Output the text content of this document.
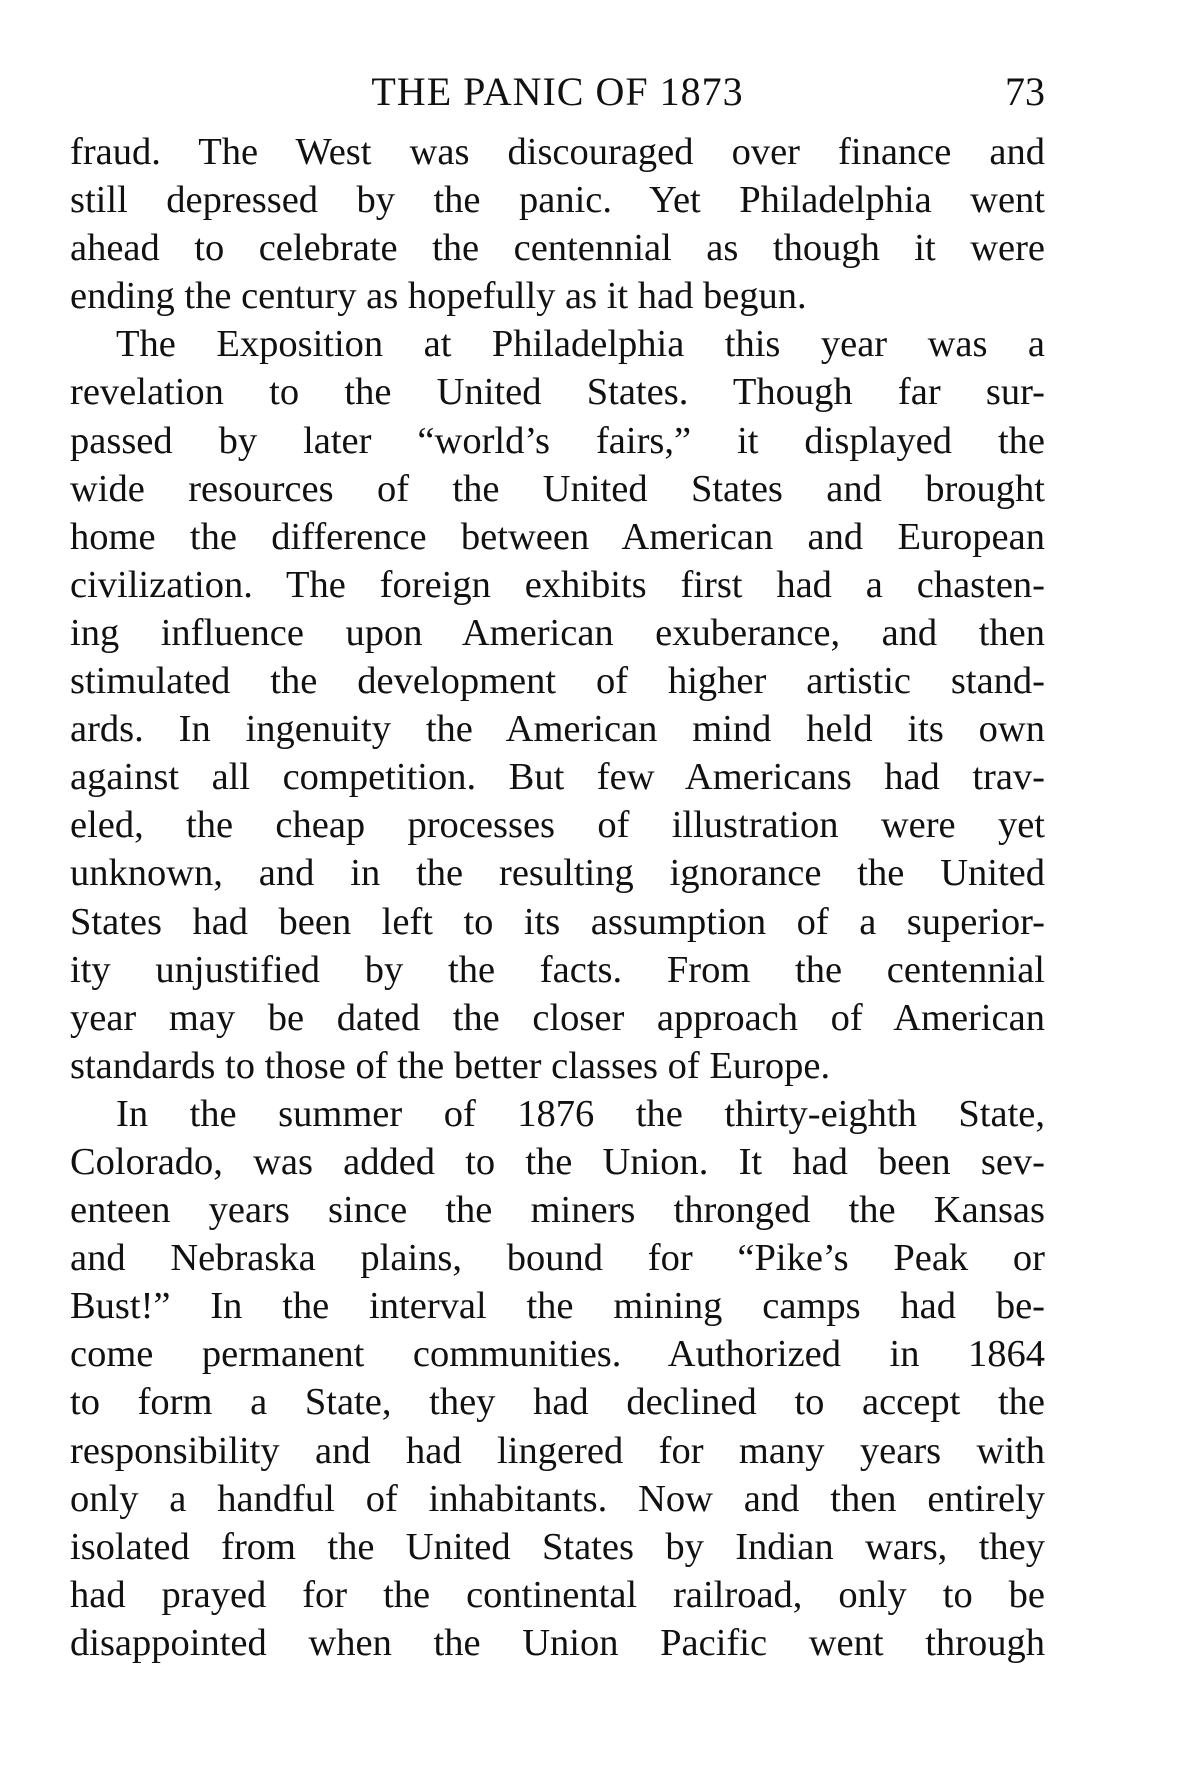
THE PANIC OF 1873	73
fraud. The West was discouraged over finance and
still depressed by the panic. Yet Philadelphia went
ahead to celebrate the centennial as though it were
ending the century as hopefully as it had begun.
The Exposition at Philadelphia this year was a
revelation to the United States. Though far sur-
passed by later “world’s fairs,” it displayed the
wide resources of the United States and brought
home the difference between American and European
civilization. The foreign exhibits first had a chasten-
ing influence upon American exuberance, and then
stimulated the development of higher artistic stand-
ards. In ingenuity the American mind held its own
against all competition. But few Americans had trav-
eled, the cheap processes of illustration were yet
unknown, and in the resulting ignorance the United
States had been left to its assumption of a superior-
ity unjustified by the facts. From the centennial
year may be dated the closer approach of American
standards to those of the better classes of Europe.
In the summer of 1876 the thirty-eighth State,
Colorado, was added to the Union. It had been sev-
enteen years since the miners thronged the Kansas
and Nebraska plains, bound for “Pike’s Peak or
Bust!” In the interval the mining camps had be-
come permanent communities. Authorized in 1864
to form a State, they had declined to accept the
responsibility and had lingered for many years with
only a handful of inhabitants. Now and then entirely
isolated from the United States by Indian wars, they
had prayed for the continental railroad, only to be
disappointed when the Union Pacific went through
